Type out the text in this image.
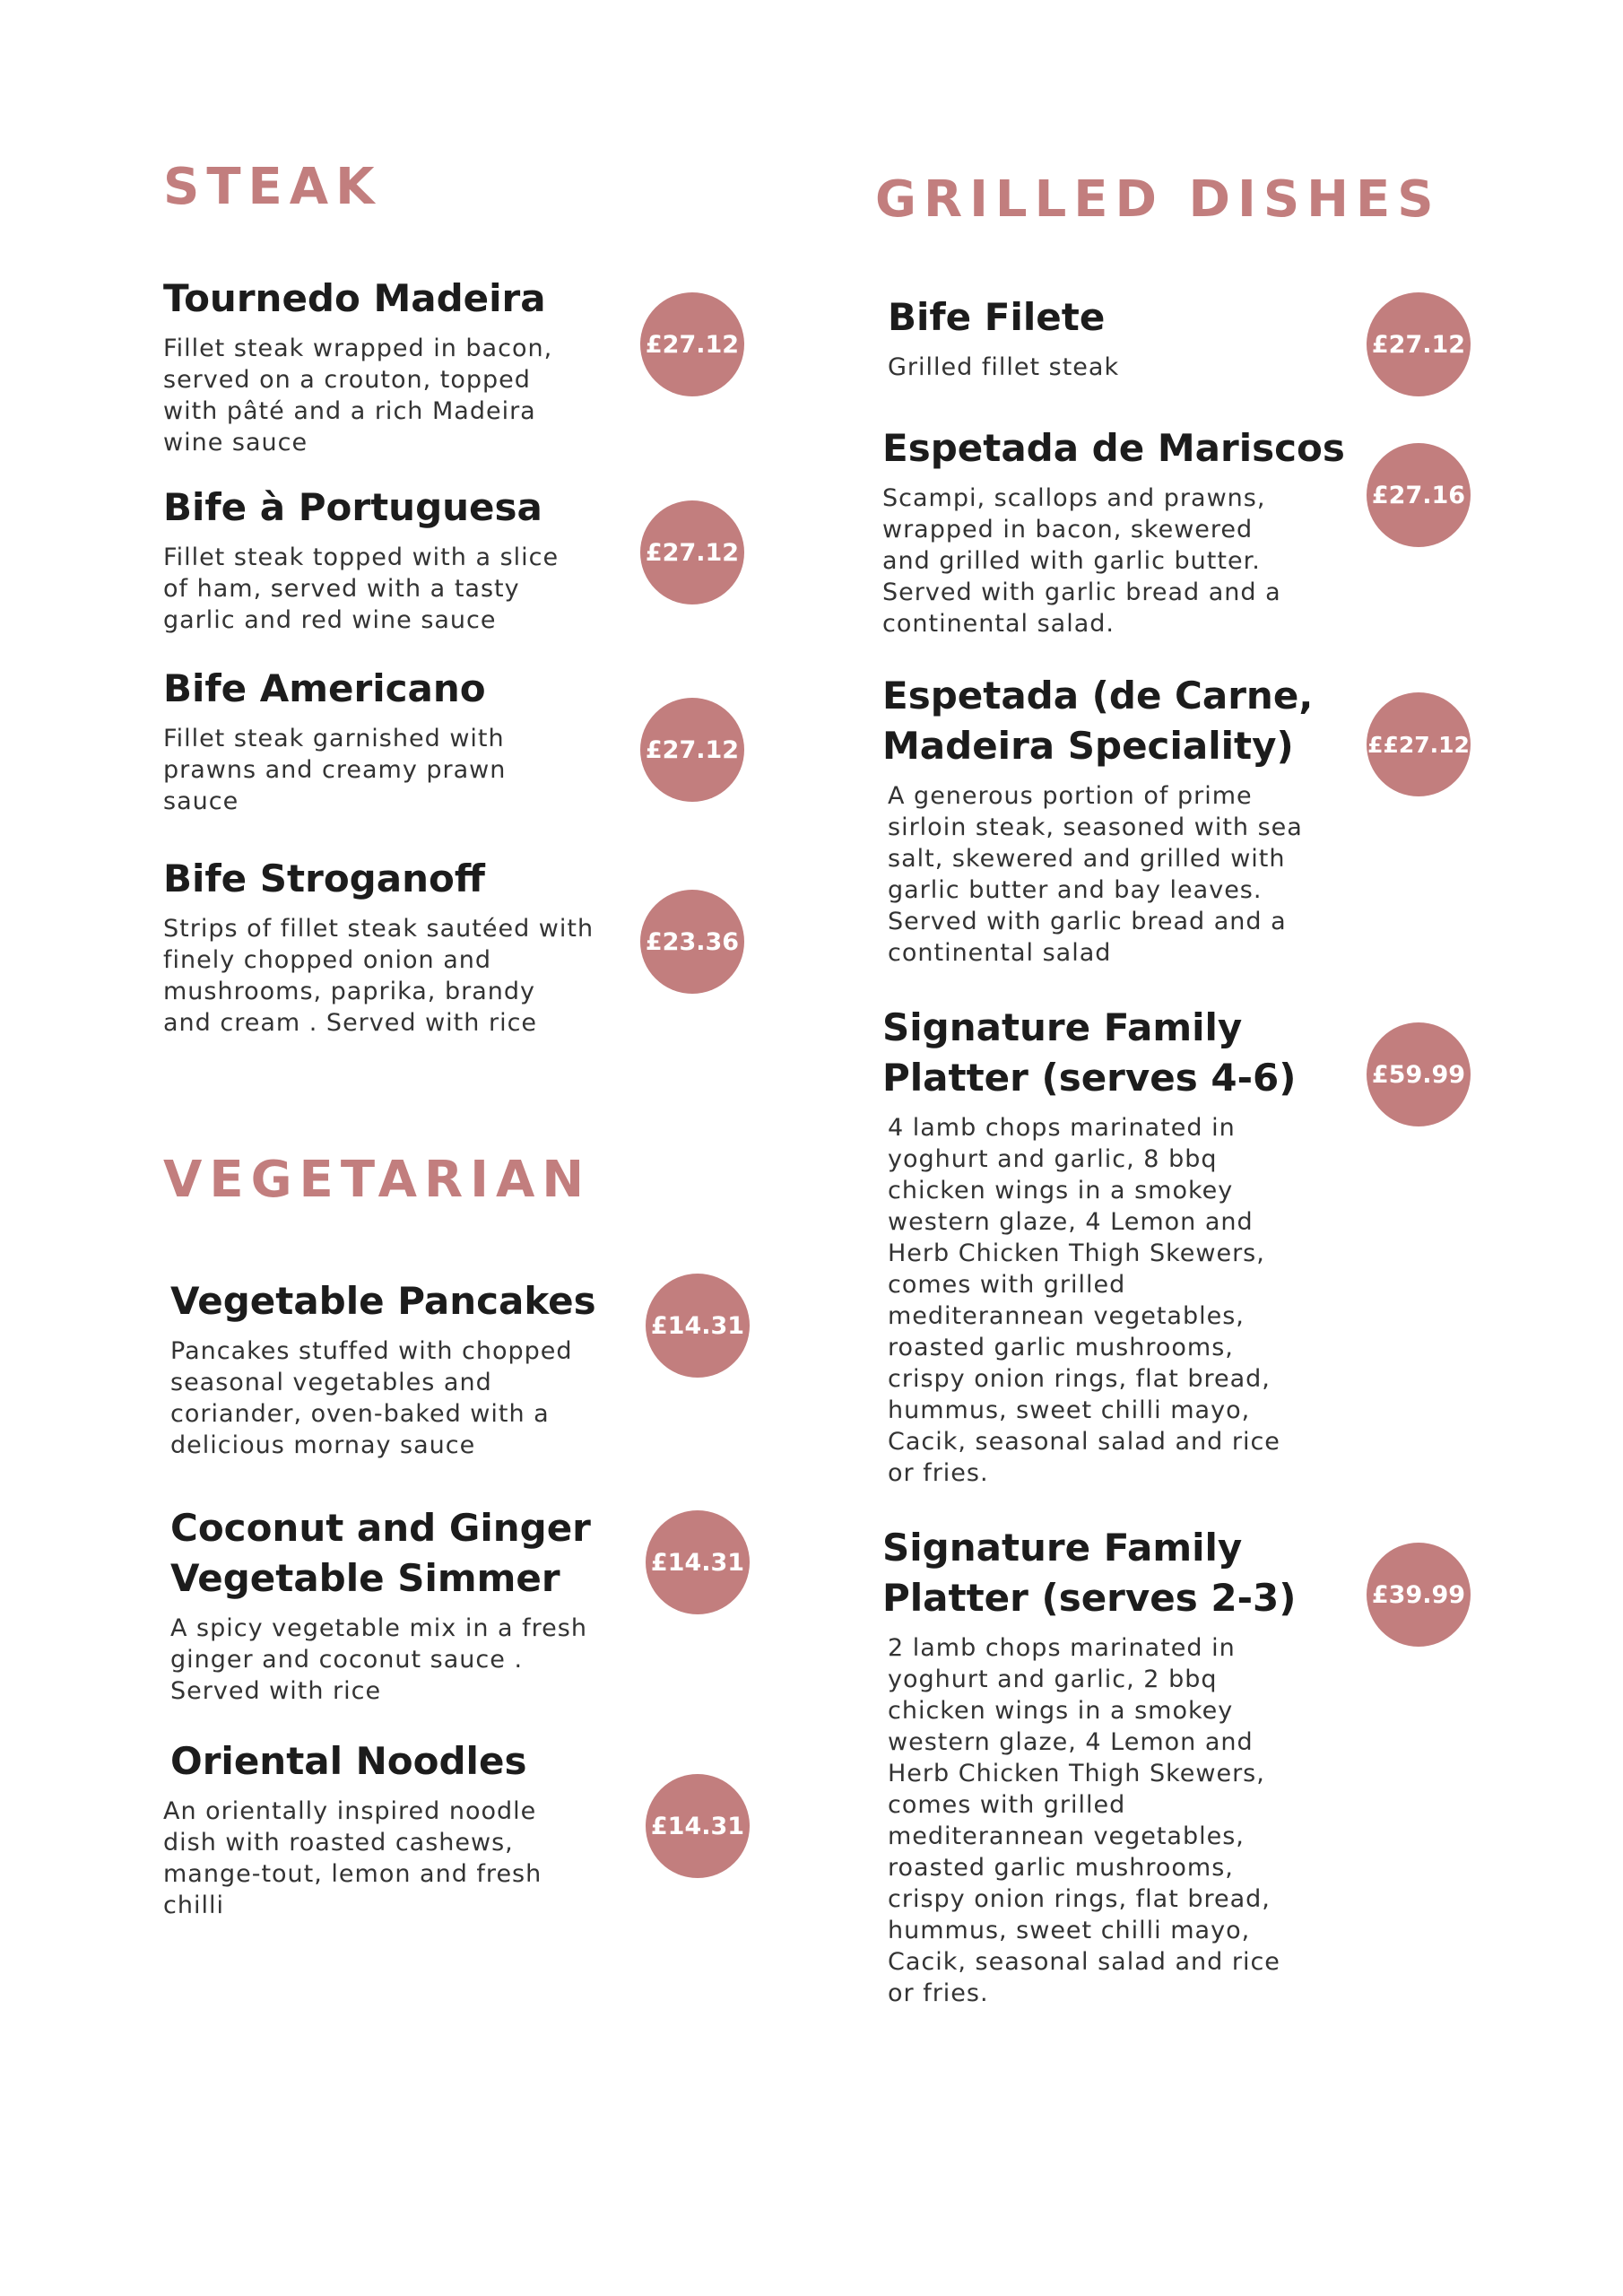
STEAK
Tournedo Madeira

Fillet steak wrapped in bacon,
served on a crouton, topped
with pâté and a rich Madeira
wine sauce

£27.12
Bife à Portuguesa

Fillet steak topped with a slice
of ham, served with a tasty
garlic and red wine sauce

£27.12
Bife Americano

Fillet steak garnished with
prawns and creamy prawn
sauce

£27.12
Bife Stroganoff

Strips of fillet steak sautéed with
finely chopped onion and
mushrooms, paprika, brandy
and cream . Served with rice

£23.36
VEGETARIAN
Vegetable Pancakes

Pancakes stuffed with chopped
seasonal vegetables and
coriander, oven-baked with a
delicious mornay sauce

£14.31
Coconut and Ginger
Vegetable Simmer

A spicy vegetable mix in a fresh
ginger and coconut sauce .
Served with rice

£14.31
Oriental Noodles

An orientally inspired noodle
dish with roasted cashews,
mange-tout, lemon and fresh
chilli

£14.31
GRILLED DISHES
Bife Filete

Grilled fillet steak

£27.12
Espetada de Mariscos

Scampi, scallops and prawns,
wrapped in bacon, skewered
and grilled with garlic butter.
Served with garlic bread and a
continental salad.

£27.16
Espetada (de Carne,
Madeira Speciality)

A generous portion of prime
sirloin steak, seasoned with sea
salt, skewered and grilled with
garlic butter and bay leaves.
Served with garlic bread and a
continental salad

££27.12
Signature Family
Platter (serves 4-6)

4 lamb chops marinated in
yoghurt and garlic, 8 bbq
chicken wings in a smokey
western glaze, 4 Lemon and
Herb Chicken Thigh Skewers,
comes with grilled
mediterannean vegetables,
roasted garlic mushrooms,
crispy onion rings, flat bread,
hummus, sweet chilli mayo,
Cacik, seasonal salad and rice
or fries.

£59.99
Signature Family
Platter (serves 2-3)

2 lamb chops marinated in
yoghurt and garlic, 2 bbq
chicken wings in a smokey
western glaze, 4 Lemon and
Herb Chicken Thigh Skewers,
comes with grilled
mediterannean vegetables,
roasted garlic mushrooms,
crispy onion rings, flat bread,
hummus, sweet chilli mayo,
Cacik, seasonal salad and rice
or fries.

£39.99
